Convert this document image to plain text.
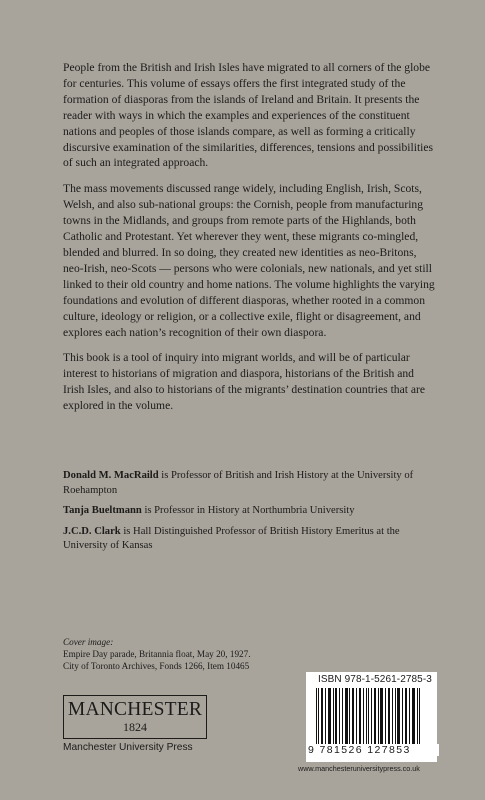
People from the British and Irish Isles have migrated to all corners of the globe for centuries. This volume of essays offers the first integrated study of the formation of diasporas from the islands of Ireland and Britain. It presents the reader with ways in which the examples and experiences of the constituent nations and peoples of those islands compare, as well as forming a critically discursive examination of the similarities, differences, tensions and possibilities of such an integrated approach.

The mass movements discussed range widely, including English, Irish, Scots, Welsh, and also sub-national groups: the Cornish, people from manufacturing towns in the Midlands, and groups from remote parts of the Highlands, both Catholic and Protestant. Yet wherever they went, these migrants co-mingled, blended and blurred. In so doing, they created new identities as neo-Britons, neo-Irish, neo-Scots — persons who were colonials, new nationals, and yet still linked to their old country and home nations. The volume highlights the varying foundations and evolution of different diasporas, whether rooted in a common culture, ideology or religion, or a collective exile, flight or disagreement, and explores each nation’s recognition of their own diaspora.

This book is a tool of inquiry into migrant worlds, and will be of particular interest to historians of migration and diaspora, historians of the British and Irish Isles, and also to historians of the migrants’ destination countries that are explored in the volume.

Donald M. MacRaild is Professor of British and Irish History at the University of Roehampton

Tanja Bueltmann is Professor in History at Northumbria University

J.C.D. Clark is Hall Distinguished Professor of British History Emeritus at the University of Kansas

Cover image:
Empire Day parade, Britannia float, May 20, 1927.
City of Toronto Archives, Fonds 1266, Item 10465
MANCHESTER
1824
Manchester University Press
ISBN 978-1-5261-2785-3
9 781526 127853
www.manchesteruniversitypress.co.uk
